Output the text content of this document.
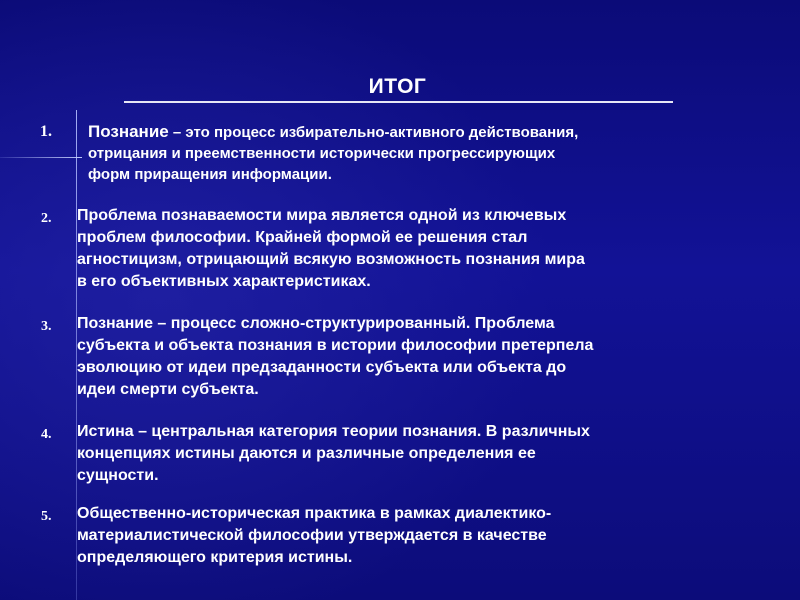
ИТОГ
1. Познание – это процесс избирательно-активного действования,
отрицания и преемственности исторически прогрессирующих
форм приращения информации.
2. Проблема познаваемости мира является одной из ключевых
проблем философии. Крайней формой ее решения стал
агностицизм, отрицающий всякую возможность познания мира
в его объективных характеристиках.
3. Познание – процесс сложно-структурированный. Проблема
субъекта и объекта познания в истории философии претерпела
эволюцию от идеи предзаданности субъекта или объекта до
идеи смерти субъекта.
4. Истина – центральная категория теории познания. В различных
концепциях истины даются и различные определения ее
сущности.
5. Общественно-историческая практика в рамках диалектико-
материалистической философии утверждается в качестве
определяющего критерия истины.
